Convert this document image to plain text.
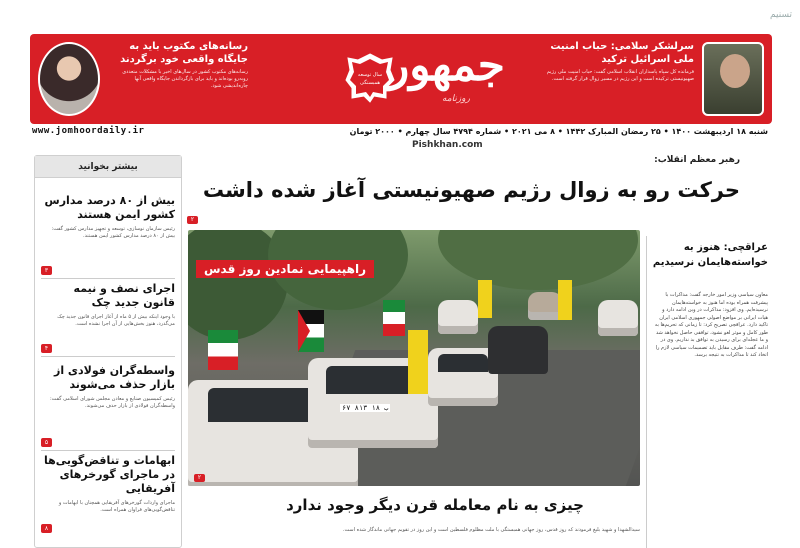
تسنیم
رسانه‌های مکتوب باید به جایگاه واقعی خود برگردند
رسانه‌های مکتوب کشور در سال‌های اخیر با مشکلات متعددی روبه‌رو بوده‌اند و باید برای بازگرداندن جایگاه واقعی آنها چاره‌اندیشی شود.
سال توسعه
همبستگی جمهور
روزنامه
سرلشکر سلامی: حباب امنیت ملی اسرائیل ترکید
فرمانده کل سپاه پاسداران انقلاب اسلامی گفت: حباب امنیت ملی رژیم صهیونیستی ترکیده است و این رژیم در مسیر زوال قرار گرفته است.
www.jomhoordaily.ir	شنبه ۱۸ اردیبهشت ۱۴۰۰ • ۲۵ رمضان المبارک ۱۴۴۲ • ۸ می ۲۰۲۱ • شماره ۴۷۹۴ سال چهارم • ۲۰۰۰ تومان
Pishkhan.com
بیشتر بخوانید
بیش از ۸۰ درصد مدارس کشور ایمن هستند
رئیس سازمان نوسازی، توسعه و تجهیز مدارس کشور گفت: بیش از ۸۰ درصد مدارس کشور ایمن هستند.
۳
اجرای نصف و نیمه قانون جدید چک
با وجود اینکه بیش از ۵ ماه از آغاز اجرای قانون جدید چک می‌گذرد، هنوز بخش‌هایی از آن اجرا نشده است.
۴
واسطه‌گران فولادی از بازار حذف می‌شوند
رئیس کمیسیون صنایع و معادن مجلس شورای اسلامی گفت: واسطه‌گران فولادی از بازار حذف می‌شوند.
۵
ابهامات و تناقض‌گویی‌ها در ماجرای گورخرهای آفریقایی
ماجرای واردات گورخرهای آفریقایی همچنان با ابهامات و تناقض‌گویی‌های فراوان همراه است.
۸
رهبر معظم انقلاب:
حرکت رو به زوال رژیم صهیونیستی آغاز شده داشت
۲
راهپیمایی نمادین روز قدس
۲
۶۷ ۸۱۳ ب ۱۸
چیزی به نام معامله قرن دیگر وجود ندارد
سیدالشهدا و شهید بلیغ فرمودند که روز قدس، روز جهانی همبستگی با ملت مظلوم فلسطین است و این روز در تقویم جهانی ماندگار شده است.
عراقچی: هنوز به خواسته‌هایمان نرسیدیم
معاون سیاسی وزیر امور خارجه گفت: مذاکرات با پیشرفت همراه بوده اما هنوز به خواسته‌هایمان نرسیده‌ایم. وی افزود: مذاکرات در وین ادامه دارد و هیات ایرانی بر مواضع اصولی جمهوری اسلامی ایران تاکید دارد. عراقچی تصریح کرد: تا زمانی که تحریم‌ها به طور کامل و موثر لغو نشود، توافقی حاصل نخواهد شد و ما عجله‌ای برای رسیدن به توافق بد نداریم. وی در ادامه گفت: طرف مقابل باید تصمیمات سیاسی لازم را اتخاذ کند تا مذاکرات به نتیجه برسد.
